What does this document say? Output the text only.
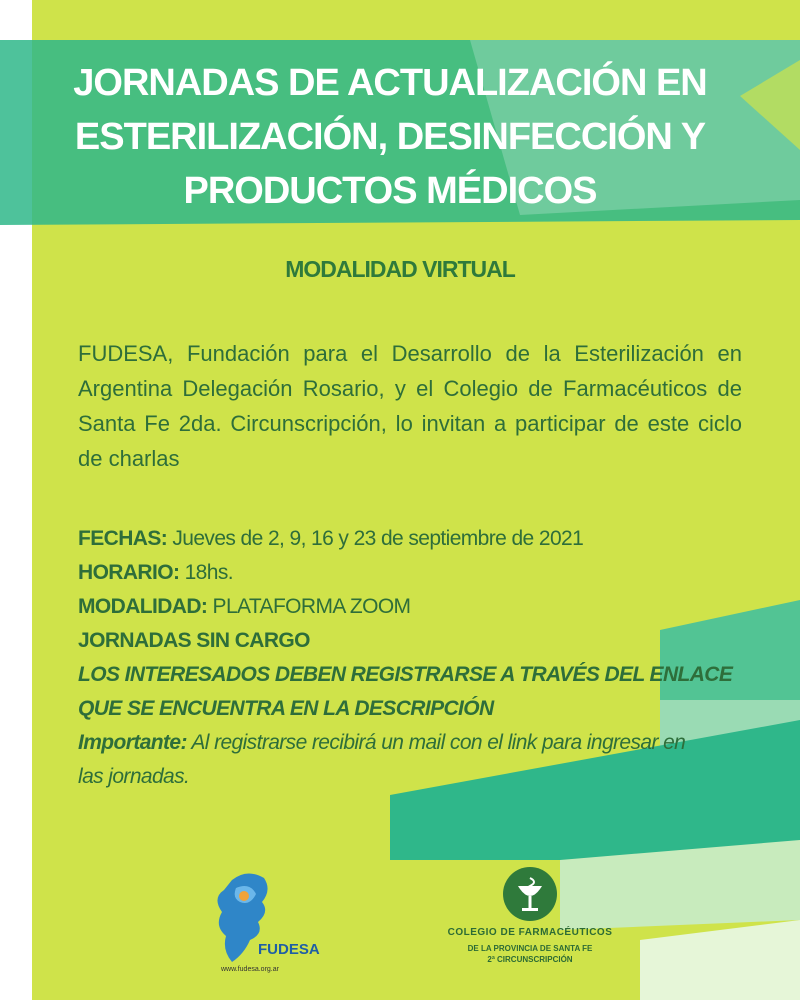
JORNADAS DE ACTUALIZACIÓN EN
ESTERILIZACIÓN, DESINFECCIÓN Y
PRODUCTOS MÉDICOS
MODALIDAD VIRTUAL
FUDESA, Fundación para el Desarrollo de la Esterilización en Argentina Delegación Rosario, y el Colegio de Farmacéuticos de Santa Fe 2da. Circunscripción, lo invitan a participar de este ciclo de charlas
FECHAS: Jueves de 2, 9, 16 y 23 de septiembre de 2021
HORARIO: 18hs.
MODALIDAD: PLATAFORMA ZOOM
JORNADAS SIN CARGO
LOS INTERESADOS DEBEN REGISTRARSE A TRAVÉS DEL ENLACE
QUE SE ENCUENTRA EN LA DESCRIPCIÓN
Importante: Al registrarse recibirá un mail con el link para ingresar en
las jornadas.
FUDESA
www.fudesa.org.ar
COLEGIO DE FARMACÉUTICOS
DE LA PROVINCIA DE SANTA FE
2ª CIRCUNSCRIPCIÓN
